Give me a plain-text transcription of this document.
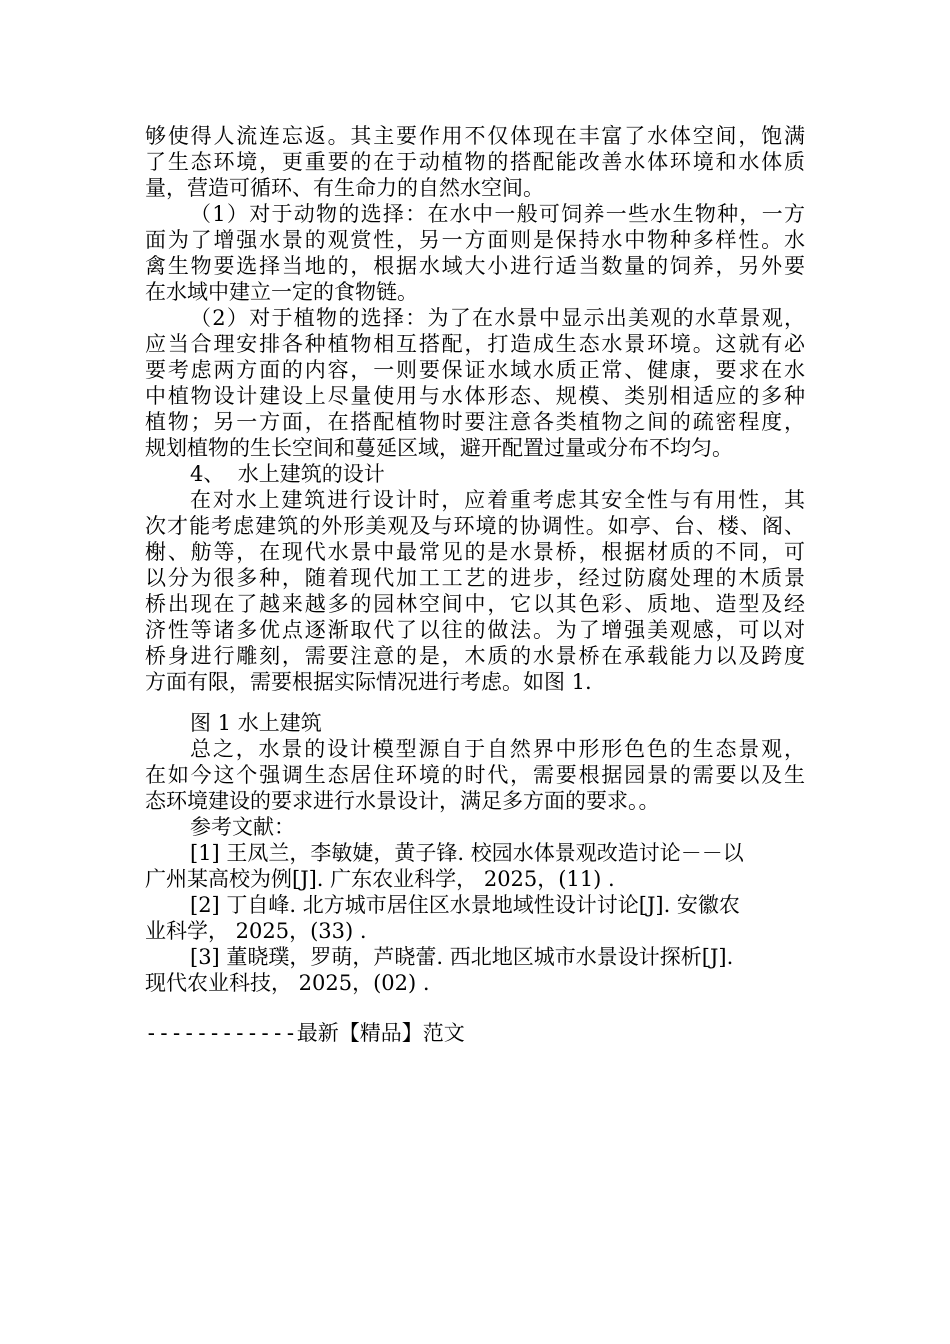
够使得人流连忘返。其主要作用不仅体现在丰富了水体空间，饱满

了生态环境，更重要的在于动植物的搭配能改善水体环境和水体质

量，营造可循环、有生命力的自然水空间。

（1）对于动物的选择：在水中一般可饲养一些水生物种，一方

面为了增强水景的观赏性，另一方面则是保持水中物种多样性。水

禽生物要选择当地的，根据水域大小进行适当数量的饲养，另外要

在水域中建立一定的食物链。

（2）对于植物的选择：为了在水景中显示出美观的水草景观，

应当合理安排各种植物相互搭配，打造成生态水景环境。这就有必

要考虑两方面的内容，一则要保证水域水质正常、健康，要求在水

中植物设计建设上尽量使用与水体形态、规模、类别相适应的多种

植物；另一方面，在搭配植物时要注意各类植物之间的疏密程度，

规划植物的生长空间和蔓延区域，避开配置过量或分布不均匀。

4、  水上建筑的设计

在对水上建筑进行设计时，应着重考虑其安全性与有用性，其

次才能考虑建筑的外形美观及与环境的协调性。如亭、台、楼、阁、

榭、舫等，在现代水景中最常见的是水景桥，根据材质的不同，可

以分为很多种，随着现代加工工艺的进步，经过防腐处理的木质景

桥出现在了越来越多的园林空间中，它以其色彩、质地、造型及经

济性等诸多优点逐渐取代了以往的做法。为了增强美观感，可以对

桥身进行雕刻，需要注意的是，木质的水景桥在承载能力以及跨度

方面有限，需要根据实际情况进行考虑。如图 1.

图 1 水上建筑

总之，水景的设计模型源自于自然界中形形色色的生态景观，

在如今这个强调生态居住环境的时代，需要根据园景的需要以及生

态环境建设的要求进行水景设计，满足多方面的要求。。

参考文献：

[1] 王凤兰，李敏婕，黄子锋. 校园水体景观改造讨论－－以

广州某高校为例[J]. 广东农业科学， 2025，(11) .

[2] 丁自峰. 北方城市居住区水景地域性设计讨论[J]. 安徽农

业科学， 2025，(33) .

[3] 董晓璞，罗萌，芦晓蕾. 西北地区城市水景设计探析[J].

现代农业科技， 2025，(02) .

------------最新【精品】范文
